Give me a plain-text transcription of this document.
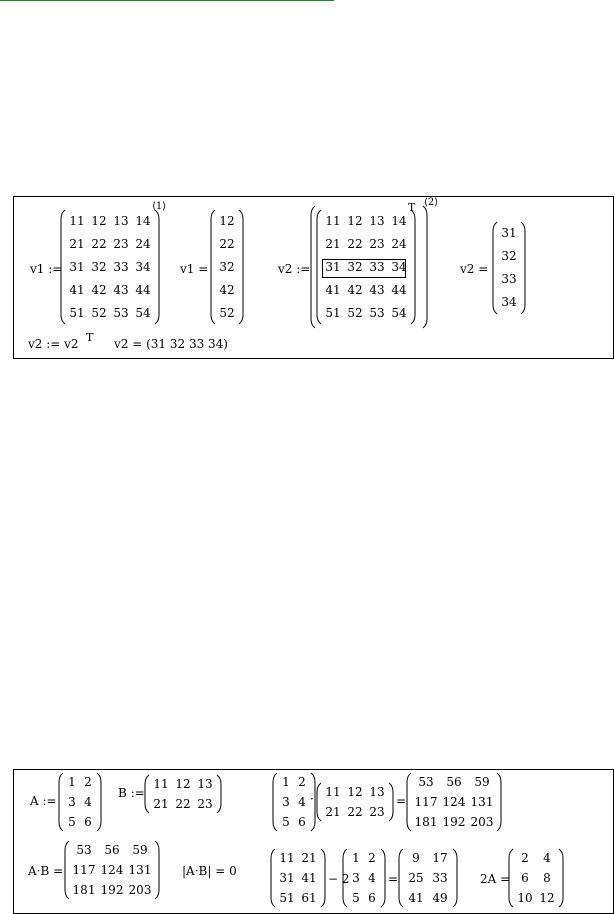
v1 :=
11 12 13 14
21 22 23 24
31 32 33 34
41 42 43 44
51 52 53 54
⟨1⟩
v1 =
12
22
32
42
52
v2 :=
11 12 13 14
21 22 23 24
31 32 33 34
41 42 43 44
51 52 53 54
T ⟨2⟩
v2 =
31
32
33
34
v2 := v2 T v2 = (31 32 33 34)
A :=
1 2
3 4
5 6
B :=
11 12 13
21 22 23
1 2
3 4
5 6
· 11 12 13
21 22 23
=
53	56	59
117 124 131
181 192 203
A·B =
53	56	59
117 124 131
181 192 203
|A·B| = 0
11 21
31 41
51 61
− 2
1 2
3 4
5 6
=
9	17
25 33
41 49
2A =
2	4
6	8
10 12
